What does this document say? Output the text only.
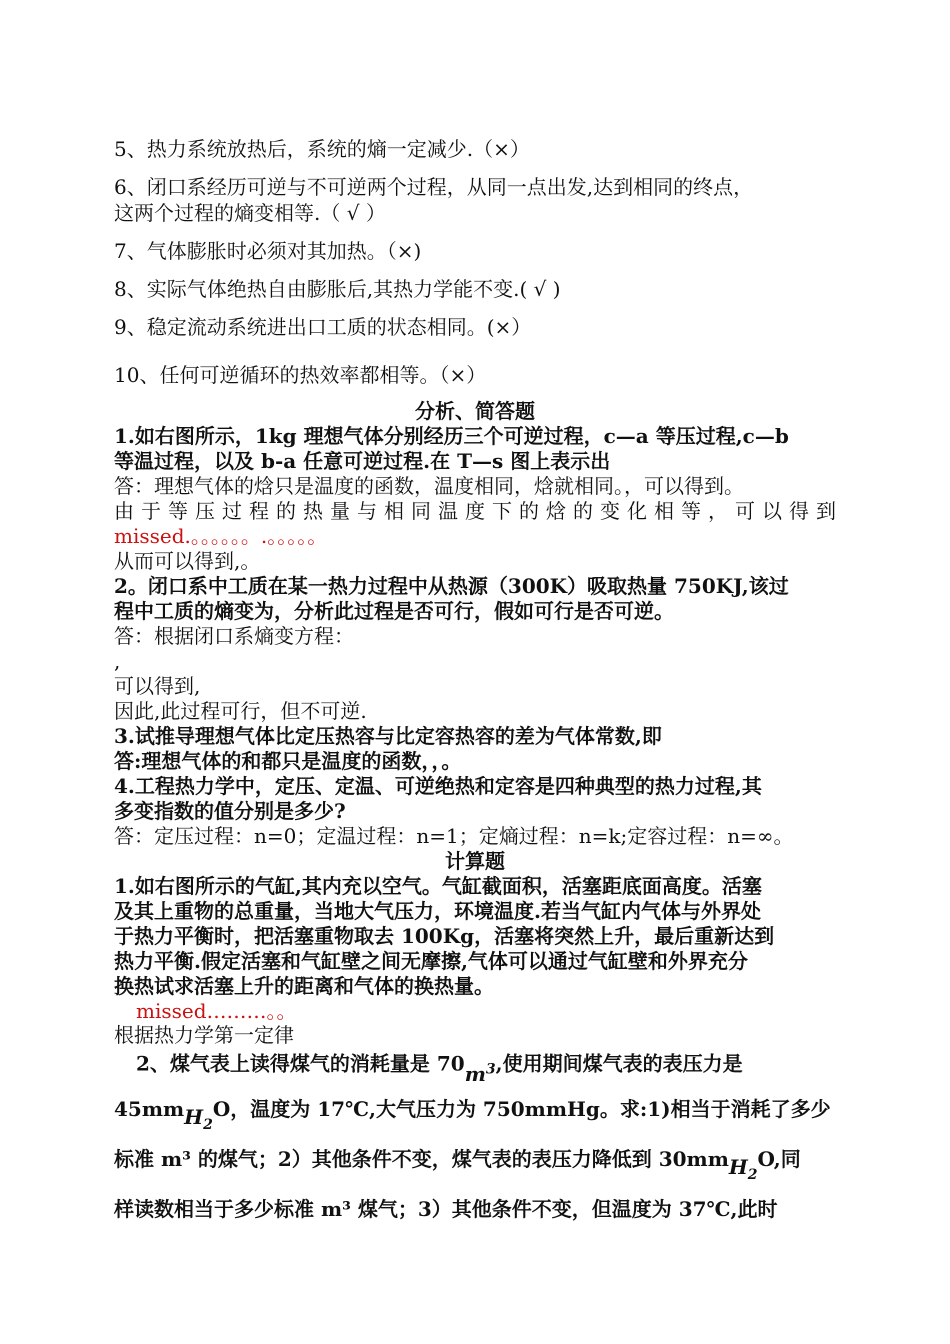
5、热力系统放热后，系统的熵一定减少.（×）
6、闭口系经历可逆与不可逆两个过程，从同一点出发,达到相同的终点，
这两个过程的熵变相等.（ √ ）
7、气体膨胀时必须对其加热。（×)
8、实际气体绝热自由膨胀后,其热力学能不变.( √ )
9、稳定流动系统进出口工质的状态相同。(×）
10、任何可逆循环的热效率都相等。（×）
分析、简答题
1.如右图所示，1kg 理想气体分别经历三个可逆过程，c—a 等压过程,c—b
等温过程，以及 b-a 任意可逆过程.在 T—s 图上表示出
答：理想气体的焓只是温度的函数，温度相同，焓就相同。，可以得到。
由 于 等 压 过 程 的 热 量 与 相 同 温 度 下 的 焓 的 变 化 相 等 ， 可 以 得 到
missed.。。。。。。.。。。。。
从而可以得到,。
2。闭口系中工质在某一热力过程中从热源（300K）吸取热量 750KJ,该过
程中工质的熵变为，分析此过程是否可行，假如可行是否可逆。
答：根据闭口系熵变方程：
,
可以得到,
因此,此过程可行，但不可逆.
3.试推导理想气体比定压热容与比定容热容的差为气体常数,即
答:理想气体的和都只是温度的函数，，。
4.工程热力学中，定压、定温、可逆绝热和定容是四种典型的热力过程,其
多变指数的值分别是多少?
答：定压过程：n=0；定温过程：n=1；定熵过程：n=k;定容过程：n=∞。
计算题
1.如右图所示的气缸,其内充以空气。气缸截面积，活塞距底面高度。活塞
及其上重物的总重量，当地大气压力，环境温度.若当气缸内气体与外界处
于热力平衡时，把活塞重物取去 100Kg，活塞将突然上升，最后重新达到
热力平衡.假定活塞和气缸壁之间无摩擦,气体可以通过气缸壁和外界充分
换热试求活塞上升的距离和气体的换热量。
missed………。。
根据热力学第一定律
2、煤气表上读得煤气的消耗量是 $70m^3$,使用期间煤气表的表压力是
45mmH$_2$O，温度为 17℃,大气压力为 750mmHg。求:1)相当于消耗了多少
标准 m³ 的煤气；2）其他条件不变，煤气表的表压力降低到 30mmH$_2$O,同
样读数相当于多少标准 m³ 煤气；3）其他条件不变，但温度为 37℃,此时
